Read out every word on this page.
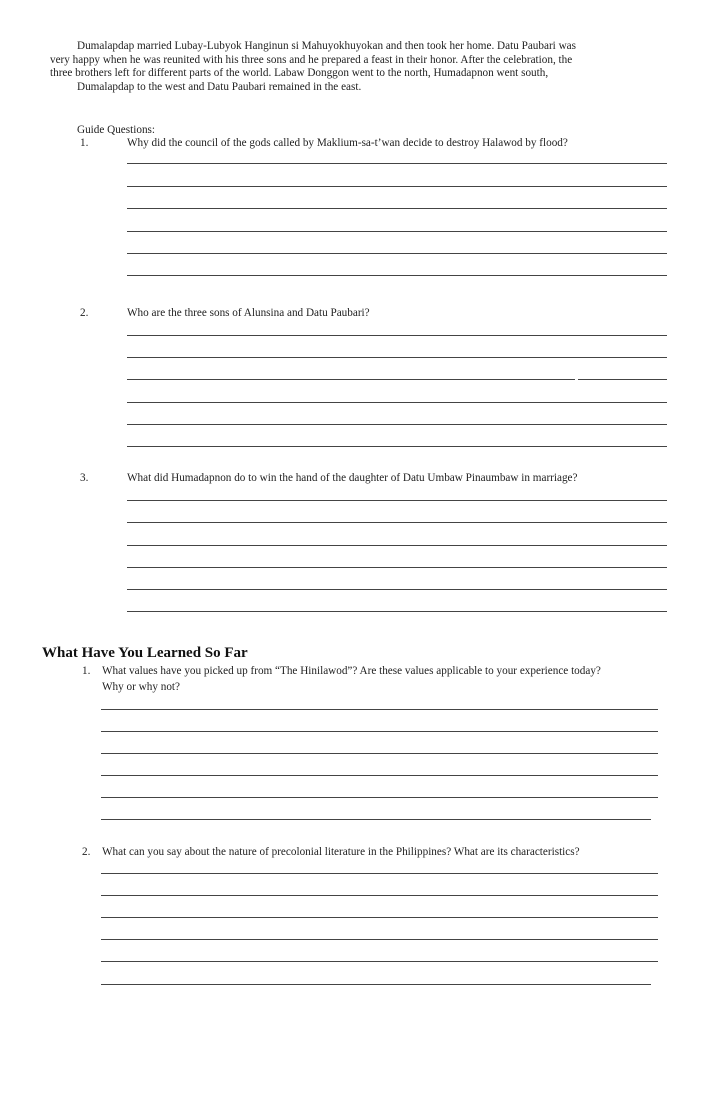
Dumalapdap married Lubay-Lubyok Hanginun si Mahuyokhuyokan and then took her home. Datu Paubari was

very happy when he was reunited with his three sons and he prepared a feast in their honor. After the celebration, the

three brothers left for different parts of the world. Labaw Donggon went to the north, Humadapnon went south,

Dumalapdap to the west and Datu Paubari remained in the east.

Guide Questions:
1.	Why did the council of the gods called by Maklium-sa-t’wan decide to destroy Halawod by flood?
2.	Who are the three sons of Alunsina and Datu Paubari?
3.	What did Humadapnon do to win the hand of the daughter of Datu Umbaw Pinaumbaw in marriage?
What Have You Learned So Far
1. What values have you picked up from “The Hinilawod”? Are these values applicable to your experience today?
Why or why not?
2. What can you say about the nature of precolonial literature in the Philippines? What are its characteristics?
